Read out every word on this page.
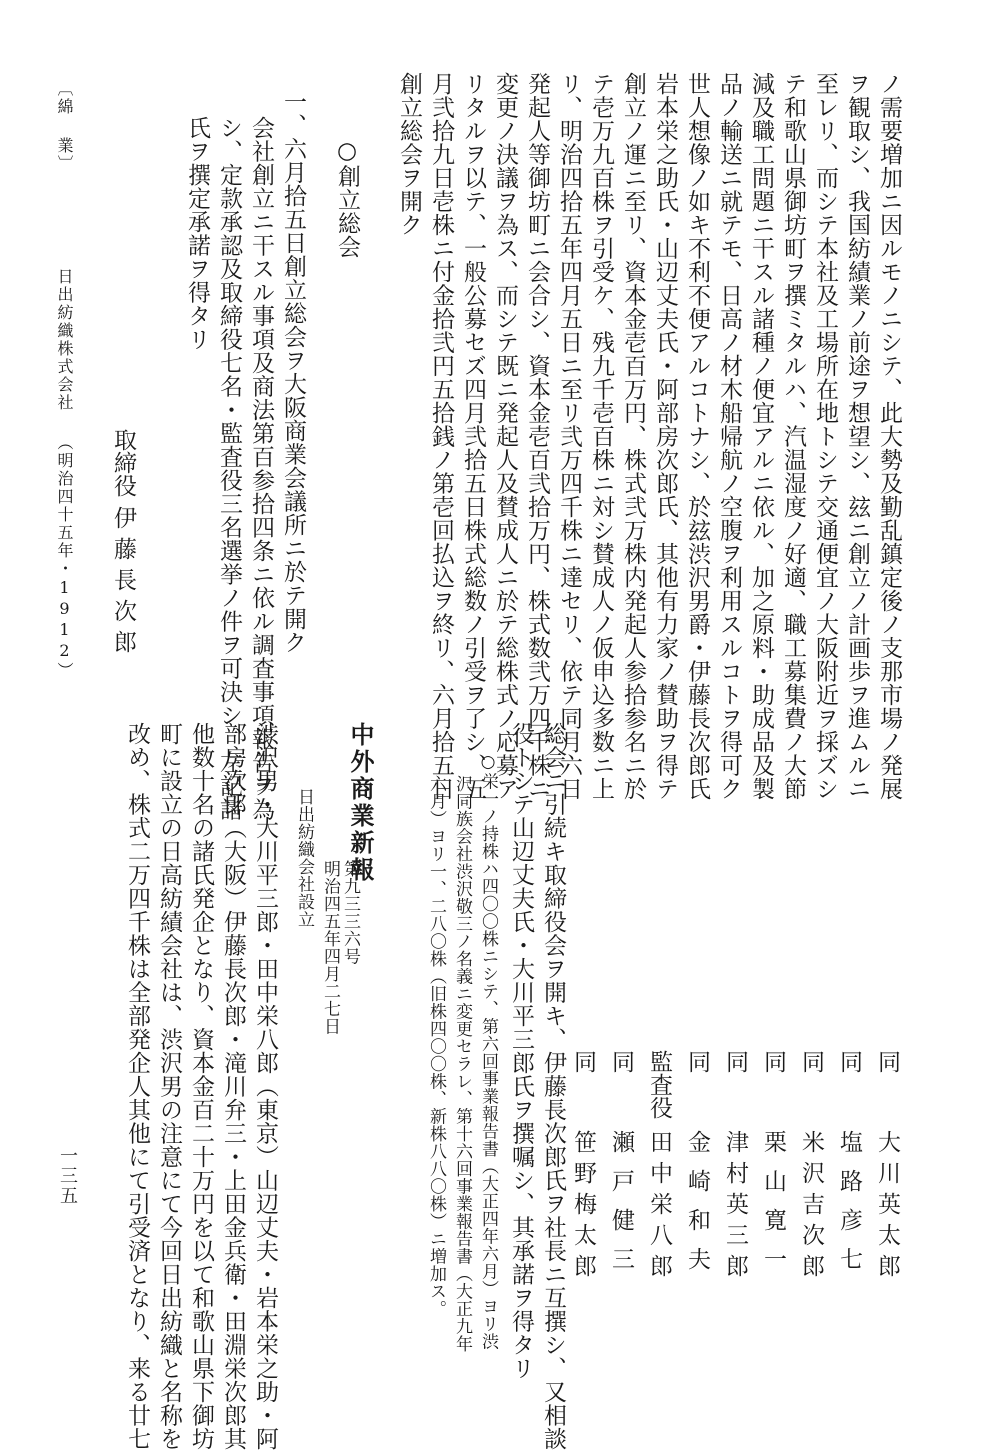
ノ需要増加ニ因ルモノニシテ、此大勢及勤乱鎮定後ノ支那市場ノ発展
ヲ観取シ、我国紡績業ノ前途ヲ想望シ、玆ニ創立ノ計画歩ヲ進ムルニ
至レリ、而シテ本社及工場所在地トシテ交通便宜ノ大阪附近ヲ採ズシ
テ和歌山県御坊町ヲ撰ミタルハ、汽温湿度ノ好適、職工募集費ノ大節
減及職工問題ニ干スル諸種ノ便宜アルニ依ル、加之原料・助成品及製
品ノ輸送ニ就テモ、日高ノ材木船帰航ノ空腹ヲ利用スルコトヲ得可ク
世人想像ノ如キ不利不便アルコトナシ、於玆渋沢男爵・伊藤長次郎氏
岩本栄之助氏・山辺丈夫氏・阿部房次郎氏、其他有力家ノ賛助ヲ得テ
創立ノ運ニ至リ、資本金壱百万円、株式弐万株内発起人参拾参名ニ於
テ壱万九百株ヲ引受ケ、残九千壱百株ニ対シ賛成人ノ仮申込多数ニ上
リ、明治四拾五年四月五日ニ至リ弐万四千株ニ達セリ、依テ同月六日
発起人等御坊町ニ会合シ、資本金壱百弐拾万円、株式数弐万四千株ニ
変更ノ決議ヲ為ス、而シテ既ニ発起人及賛成人ニ於テ総株式ノ応募ア
リタルヲ以テ、一般公募セズ四月弐拾五日株式総数ノ引受ヲ了シ、五
月弐拾九日壱株ニ付金拾弐円五拾銭ノ第壱回払込ヲ終リ、六月拾五日
創立総会ヲ開ク
○創立総会
一、六月拾五日創立総会ヲ大阪商業会議所ニ於テ開ク
会社創立ニ干スル事項及商法第百参拾四条ニ依ル調査事項報告ヲ為
シ、定款承認及取締役七名・監査役三名選挙ノ件ヲ可決シ、左記諸
氏ヲ撰定承諾ヲ得タリ
取締役
伊藤長次郎
同
大川英太郎
同
塩路彦七
同
米沢吉次郎
同
栗山寛一
同
津村英三郎
同
金崎和夫
監査役
田中栄八郎
同
瀬戸健三
同
笹野梅太郎
総会ニ引続キ取締役会ヲ開キ、伊藤長次郎氏ヲ社長ニ互撰シ、又相談
役トシテ山辺丈夫氏・大川平三郎氏ヲ撰嘱シ、其承諾ヲ得タリ
○栄一ノ持株ハ四〇〇株ニシテ、第六回事業報告書（大正四年六月）ヨリ渋
沢同族会社渋沢敬三ノ名義ニ変更セラレ、第十六回事業報告書（大正九年
六月）ヨリ一、二八〇株（旧株四〇〇株、新株八八〇株）ニ増加ス。
中外商業新報
第九三三六号
明治四五年四月二七日
日出紡織会社設立
渋沢男・大川平三郎・田中栄八郎（東京）山辺丈夫・岩本栄之助・阿
部房次郎（大阪）伊藤長次郎・滝川弁三・上田金兵衛・田淵栄次郎其
他数十名の諸氏発企となり、資本金百二十万円を以て和歌山県下御坊
町に設立の日高紡績会社は、渋沢男の注意にて今回日出紡織と名称を
改め、株式二万四千株は全部発企人其他にて引受済となり、来る廿七
〔綿 業〕
日出紡織株式会社
（明治四十五年・1912）
一三五
